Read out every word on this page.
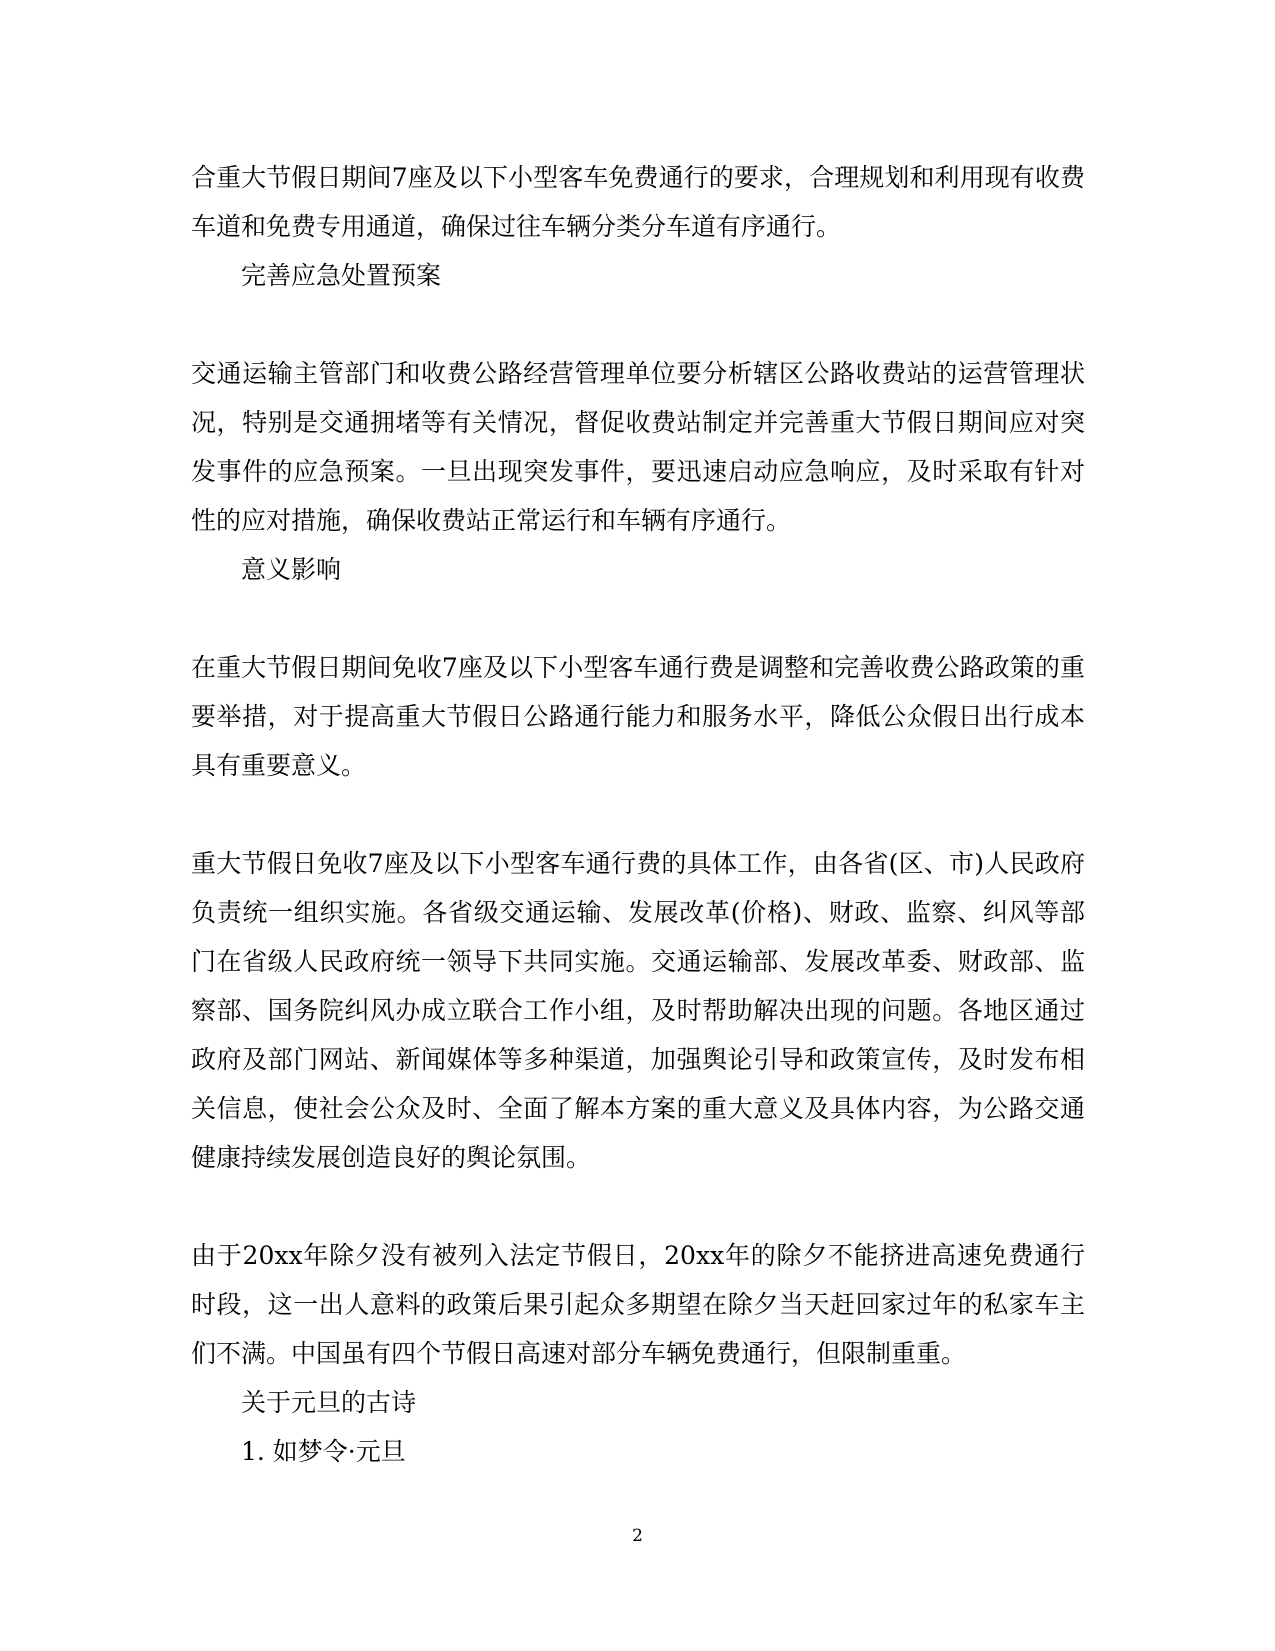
合重大节假日期间7座及以下小型客车免费通行的要求，合理规划和利用现有收费车道和免费专用通道，确保过往车辆分类分车道有序通行。

完善应急处置预案

交通运输主管部门和收费公路经营管理单位要分析辖区公路收费站的运营管理状况，特别是交通拥堵等有关情况，督促收费站制定并完善重大节假日期间应对突发事件的应急预案。一旦出现突发事件，要迅速启动应急响应，及时采取有针对性的应对措施，确保收费站正常运行和车辆有序通行。

意义影响

在重大节假日期间免收7座及以下小型客车通行费是调整和完善收费公路政策的重要举措，对于提高重大节假日公路通行能力和服务水平，降低公众假日出行成本具有重要意义。

重大节假日免收7座及以下小型客车通行费的具体工作，由各省(区、市)人民政府负责统一组织实施。各省级交通运输、发展改革(价格)、财政、监察、纠风等部门在省级人民政府统一领导下共同实施。交通运输部、发展改革委、财政部、监察部、国务院纠风办成立联合工作小组，及时帮助解决出现的问题。各地区通过政府及部门网站、新闻媒体等多种渠道，加强舆论引导和政策宣传，及时发布相关信息，使社会公众及时、全面了解本方案的重大意义及具体内容，为公路交通健康持续发展创造良好的舆论氛围。

由于20xx年除夕没有被列入法定节假日，20xx年的除夕不能挤进高速免费通行时段，这一出人意料的政策后果引起众多期望在除夕当天赶回家过年的私家车主们不满。中国虽有四个节假日高速对部分车辆免费通行，但限制重重。

关于元旦的古诗

1. 如梦令·元旦

2
